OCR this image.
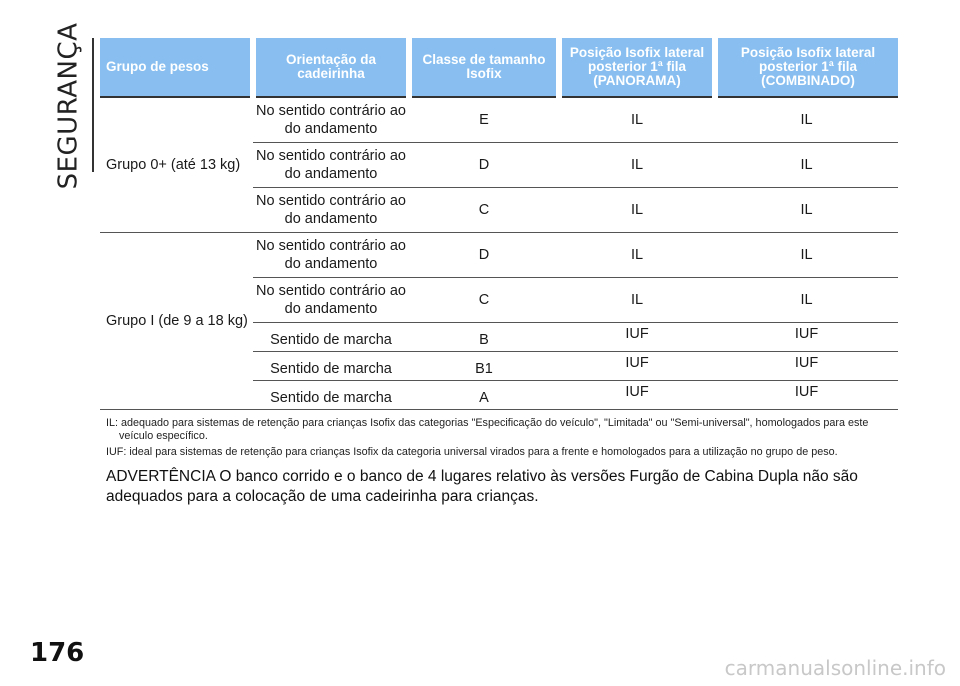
SEGURANÇA Grupo de pesos	Orientação da cadeirinha	Classe de tamanho Isofix	Posição Isofix lateral posterior 1ª fila (PANORAMA)	Posição Isofix lateral posterior 1ª fila (COMBINADO)
Grupo 0+ (até 13 kg)	No sentido contrário ao do andamento	E	IL	IL
	No sentido contrário ao do andamento	D	IL	IL
	No sentido contrário ao do andamento	C	IL	IL
Grupo I (de 9 a 18 kg)	No sentido contrário ao do andamento	D	IL	IL
	No sentido contrário ao do andamento	C	IL	IL
	Sentido de marcha	B	IUF	IUF
	Sentido de marcha	B1	IUF	IUF
	Sentido de marcha	A	IUF	IUF

IL: adequado para sistemas de retenção para crianças Isofix das categorias "Especificação do veículo", "Limitada" ou "Semi-universal", homologados para este veículo específico.

IUF: ideal para sistemas de retenção para crianças Isofix da categoria universal virados para a frente e homologados para a utilização no grupo de peso.

ADVERTÊNCIA O banco corrido e o banco de 4 lugares relativo às versões Furgão de Cabina Dupla não são adequados para a colocação de uma cadeirinha para crianças.
176	carmanualsonline.info
